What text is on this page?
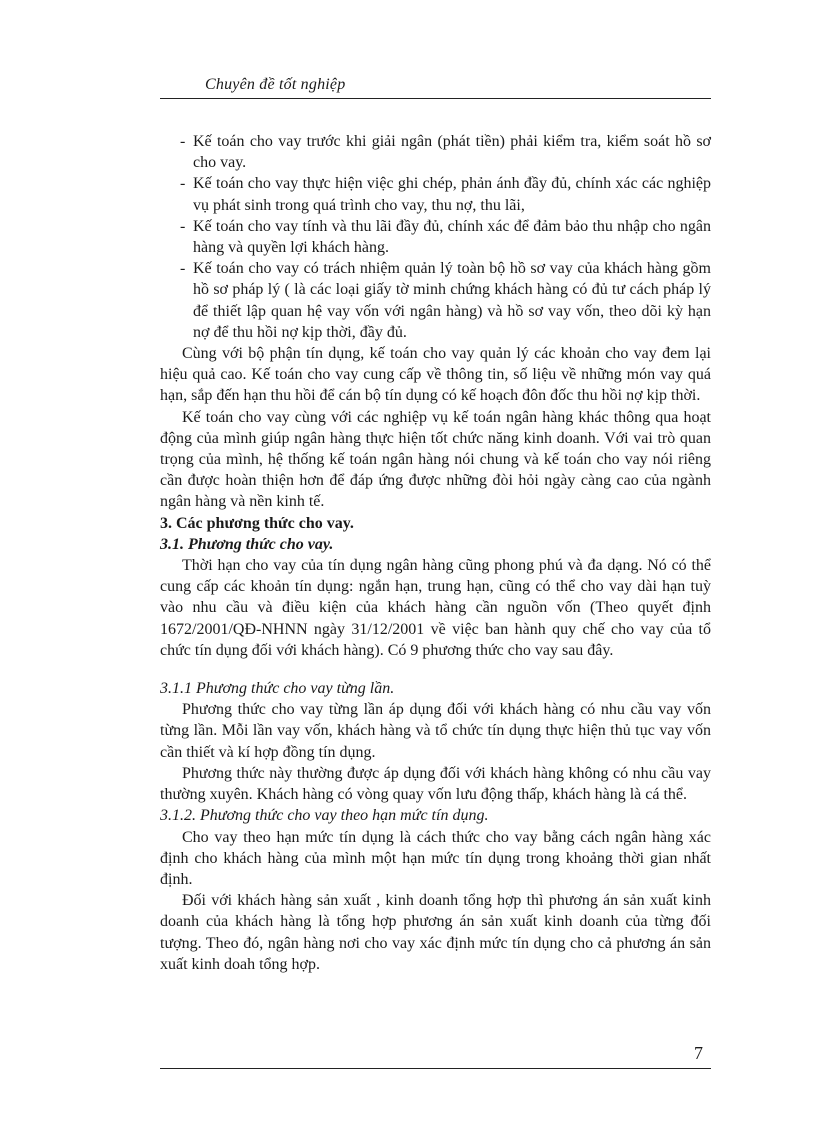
Chuyên đề tốt nghiệp
- Kế toán cho vay trước khi giải ngân (phát tiền) phải kiểm tra, kiểm soát hồ sơ cho vay.
- Kế toán cho vay thực hiện việc ghi chép, phản ánh đầy đủ, chính xác các nghiệp vụ phát sinh trong quá trình cho vay, thu nợ, thu lãi,
- Kế toán cho vay tính và thu lãi đầy đủ, chính xác để đảm bảo thu nhập cho ngân hàng và quyền lợi khách hàng.
- Kế toán cho vay có trách nhiệm quản lý toàn bộ hồ sơ vay của khách hàng gồm hồ sơ pháp lý ( là các loại giấy tờ minh chứng khách hàng có đủ tư cách pháp lý để thiết lập quan hệ vay vốn với ngân hàng) và hồ sơ vay vốn, theo dõi kỳ hạn nợ để thu hồi nợ kịp thời, đầy đủ.

Cùng với bộ phận tín dụng, kế toán cho vay quản lý các khoản cho vay đem lại hiệu quả cao. Kế toán cho vay cung cấp về thông tin, số liệu về những món vay quá hạn, sắp đến hạn thu hồi để cán bộ tín dụng có kế hoạch đôn đốc thu hồi nợ kịp thời.

Kế toán cho vay cùng với các nghiệp vụ kế toán ngân hàng khác thông qua hoạt động của mình giúp ngân hàng thực hiện tốt chức năng kinh doanh. Với vai trò quan trọng của mình, hệ thống kế toán ngân hàng nói chung và kế toán cho vay nói riêng cần được hoàn thiện hơn để đáp ứng được những đòi hỏi ngày càng cao của ngành ngân hàng và nền kinh tế.

3. Các phương thức cho vay.
3.1. Phương thức cho vay.

Thời hạn cho vay của tín dụng ngân hàng cũng phong phú và đa dạng. Nó có thể cung cấp các khoản tín dụng: ngắn hạn, trung hạn, cũng có thể cho vay dài hạn tuỳ vào nhu cầu và điều kiện của khách hàng cần nguồn vốn (Theo quyết định 1672/2001/QĐ-NHNN ngày 31/12/2001 về việc ban hành quy chế cho vay của tổ chức tín dụng đối với khách hàng). Có 9 phương thức cho vay sau đây.

3.1.1 Phương thức cho vay từng lần.

Phương thức cho vay từng lần áp dụng đối với khách hàng có nhu cầu vay vốn từng lần. Mỗi lần vay vốn, khách hàng và tổ chức tín dụng thực hiện thủ tục vay vốn cần thiết và kí hợp đồng tín dụng.

Phương thức này thường được áp dụng đối với khách hàng không có nhu cầu vay thường xuyên. Khách hàng có vòng quay vốn lưu động thấp, khách hàng là cá thể.

3.1.2. Phương thức cho vay theo hạn mức tín dụng.

Cho vay theo hạn mức tín dụng là cách thức cho vay bằng cách ngân hàng xác định cho khách hàng của mình một hạn mức tín dụng trong khoảng thời gian nhất định.

Đối với khách hàng sản xuất , kinh doanh tổng hợp thì phương án sản xuất kinh doanh của khách hàng là tổng hợp phương án sản xuất kinh doanh của từng đối tượng. Theo đó, ngân hàng nơi cho vay xác định mức tín dụng cho cả phương án sản xuất kinh doah tổng hợp.

7
